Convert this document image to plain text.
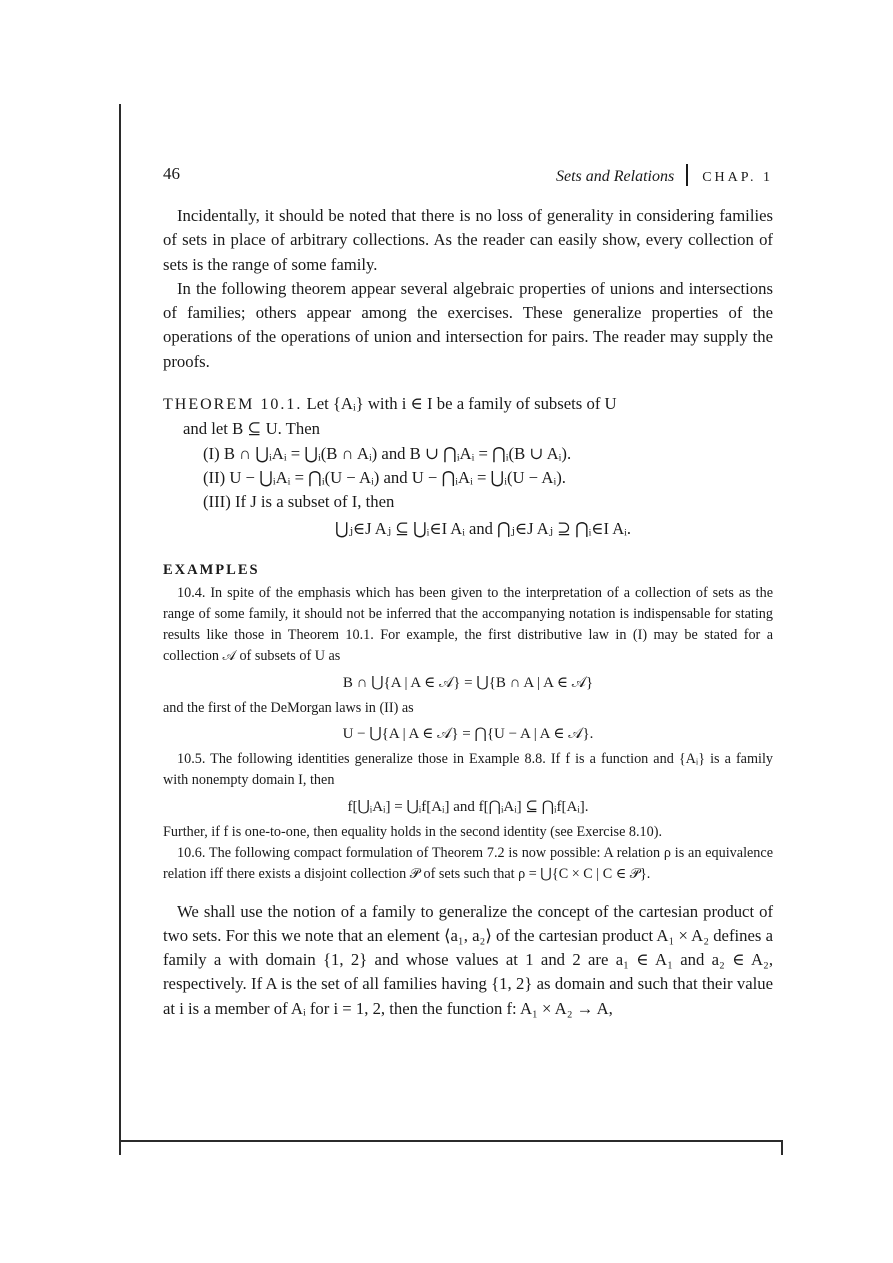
46	Sets and Relations CHAP. 1

Incidentally, it should be noted that there is no loss of generality in considering families of sets in place of arbitrary collections. As the reader can easily show, every collection of sets is the range of some family.

In the following theorem appear several algebraic properties of unions and intersections of families; others appear among the exercises. These generalize properties of the operations of the operations of union and intersection for pairs. The reader may supply the proofs.

THEOREM 10.1. Let {Aᵢ} with i ∈ I be a family of subsets of U

and let B ⊆ U. Then

(I) B ∩ ⋃ᵢAᵢ = ⋃ᵢ(B ∩ Aᵢ) and B ∪ ⋂ᵢAᵢ = ⋂ᵢ(B ∪ Aᵢ).
(II) U − ⋃ᵢAᵢ = ⋂ᵢ(U − Aᵢ) and U − ⋂ᵢAᵢ = ⋃ᵢ(U − Aᵢ).
(III) If J is a subset of I, then
⋃ⱼ∈J Aⱼ ⊆ ⋃ᵢ∈I Aᵢ and ⋂ⱼ∈J Aⱼ ⊇ ⋂ᵢ∈I Aᵢ.
EXAMPLES

10.4. In spite of the emphasis which has been given to the interpretation of a collection of sets as the range of some family, it should not be inferred that the accompanying notation is indispensable for stating results like those in Theorem 10.1. For example, the first distributive law in (I) may be stated for a collection 𝒜 of subsets of U as

B ∩ ⋃{A | A ∈ 𝒜} = ⋃{B ∩ A | A ∈ 𝒜}

and the first of the DeMorgan laws in (II) as

U − ⋃{A | A ∈ 𝒜} = ⋂{U − A | A ∈ 𝒜}.

10.5. The following identities generalize those in Example 8.8. If f is a function and {Aᵢ} is a family with nonempty domain I, then

f[⋃ᵢAᵢ] = ⋃ᵢf[Aᵢ] and f[⋂ᵢAᵢ] ⊆ ⋂ᵢf[Aᵢ].

Further, if f is one-to-one, then equality holds in the second identity (see Exercise 8.10).

10.6. The following compact formulation of Theorem 7.2 is now possible: A relation ρ is an equivalence relation iff there exists a disjoint collection 𝒫 of sets such that ρ = ⋃{C × C | C ∈ 𝒫}.

We shall use the notion of a family to generalize the concept of the cartesian product of two sets. For this we note that an element ⟨a₁, a₂⟩ of the cartesian product A₁ × A₂ defines a family a with domain {1, 2} and whose values at 1 and 2 are a₁ ∈ A₁ and a₂ ∈ A₂, respectively. If A is the set of all families having {1, 2} as domain and such that their value at i is a member of Aᵢ for i = 1, 2, then the function f: A₁ × A₂ → A,
